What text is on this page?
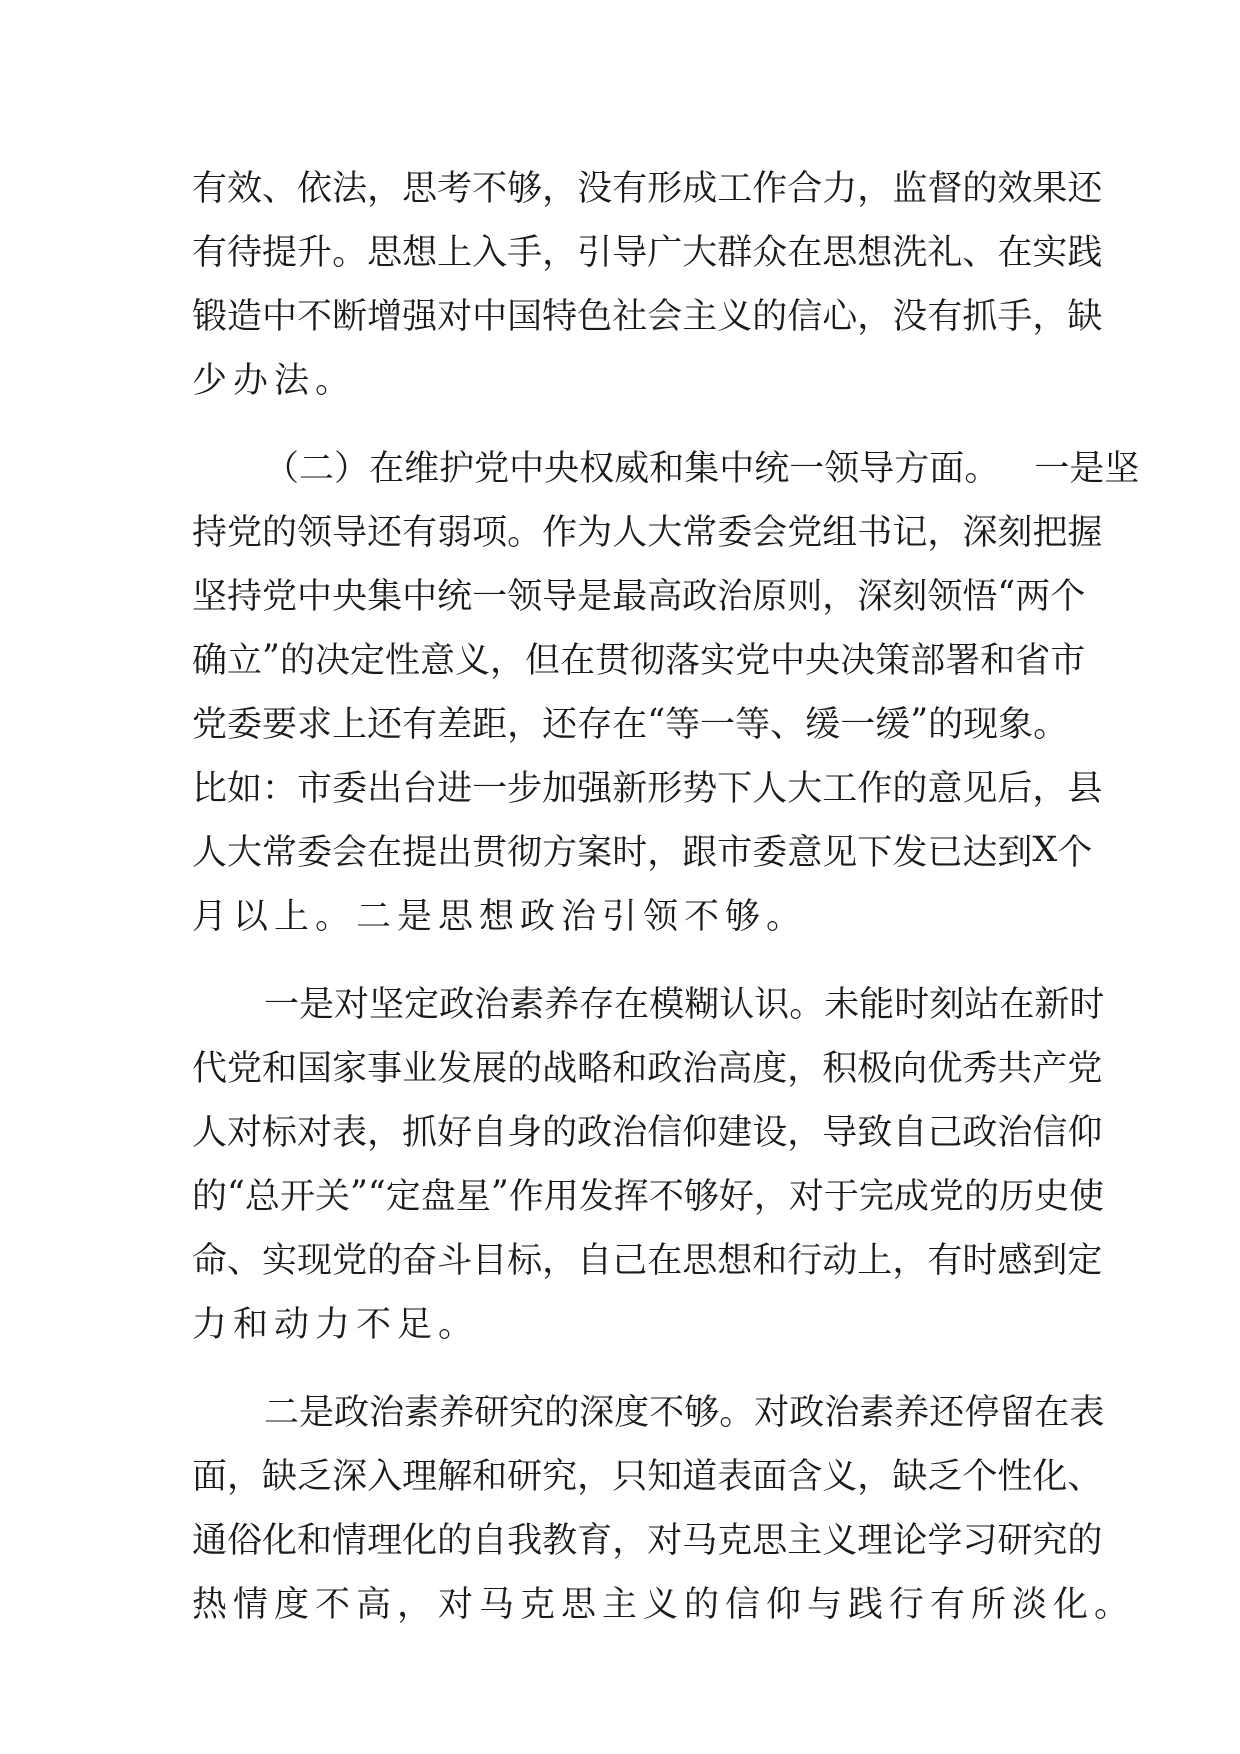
有 效 、 依 法 ， 思 考 不 够 ， 没 有 形 成 工 作 合 力 ， 监 督 的 效 果 还
有 待 提 升 。 思 想 上 入 手 ， 引 导 广 大 群 众 在 思 想 洗 礼 、 在 实 践
锻 造 中 不 断 增 强 对 中 国 特 色 社 会 主 义 的 信 心 ， 没 有 抓 手 ， 缺
少办法。
（ 二 ） 在 维 护 党 中 央 权 威 和 集 中 统 一 领 导 方 面 。
　 一 是 坚
持 党 的 领 导 还 有 弱 项 。 作 为 人 大 常 委 会 党 组 书 记 ， 深 刻 把 握
坚 持 党 中 央 集 中 统 一 领 导 是 最 高 政 治 原 则 ， 深 刻 领 悟 “ 两 个
确 立 ” 的 决 定 性 意 义 ， 但 在 贯 彻 落 实 党 中 央 决 策 部 署 和 省 市
党 委 要 求 上 还 有 差 距 ， 还 存 在 “ 等 一 等 、 缓 一 缓 ” 的 现 象 。
比 如 ： 市 委 出 台 进 一 步 加 强 新 形 势 下 人 大 工 作 的 意 见 后 ， 县
人 大 常 委 会 在 提 出 贯 彻 方 案 时 ， 跟 市 委 意 见 下 发 已 达 到 X 个
月以上。二是思想政治引领不够。
一 是 对 坚 定 政 治 素 养 存 在 模 糊 认 识 。 未 能 时 刻 站 在 新 时
代 党 和 国 家 事 业 发 展 的 战 略 和 政 治 高 度 ， 积 极 向 优 秀 共 产 党
人 对 标 对 表 ， 抓 好 自 身 的 政 治 信 仰 建 设 ， 导 致 自 己 政 治 信 仰
的 “ 总 开 关 ” “ 定 盘 星 ” 作 用 发 挥 不 够 好 ， 对 于 完 成 党 的 历 史 使
命 、 实 现 党 的 奋 斗 目 标 ， 自 己 在 思 想 和 行 动 上 ， 有 时 感 到 定
力和动力不足。
二 是 政 治 素 养 研 究 的 深 度 不 够 。 对 政 治 素 养 还 停 留 在 表
面 ， 缺 乏 深 入 理 解 和 研 究 ， 只 知 道 表 面 含 义 ， 缺 乏 个 性 化 、
通 俗 化 和 情 理 化 的 自 我 教 育 ， 对 马 克 思 主 义 理 论 学 习 研 究 的
热情度不高，对马克思主义的信仰与践行有所淡化。
